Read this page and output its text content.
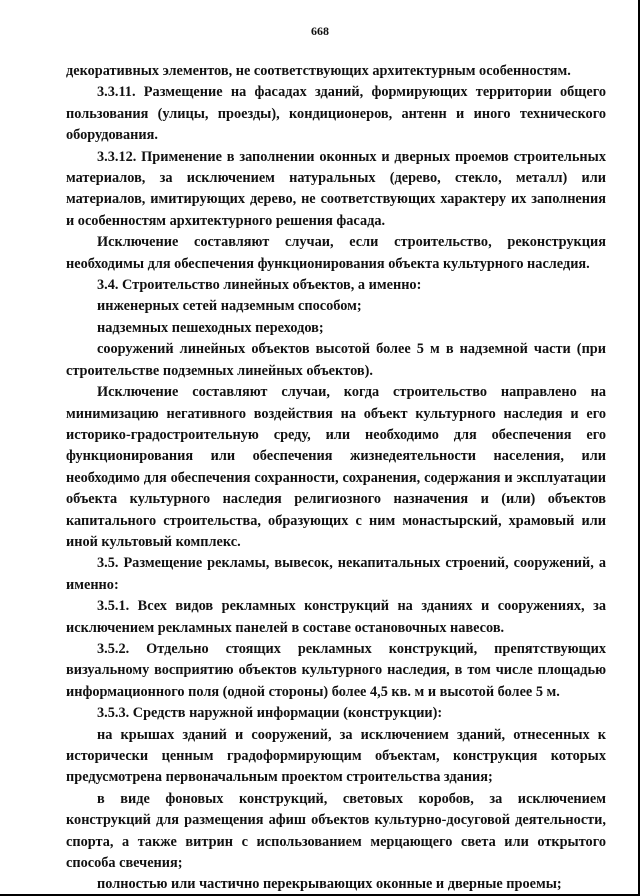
668

декоративных элементов, не соответствующих архитектурным особенностям.

3.3.11. Размещение на фасадах зданий, формирующих территории общего пользования (улицы, проезды), кондиционеров, антенн и иного технического оборудования.

3.3.12. Применение в заполнении оконных и дверных проемов строительных материалов, за исключением натуральных (дерево, стекло, металл) или материалов, имитирующих дерево, не соответствующих характеру их заполнения и особенностям архитектурного решения фасада.

Исключение составляют случаи, если строительство, реконструкция необходимы для обеспечения функционирования объекта культурного наследия.

3.4. Строительство линейных объектов, а именно:

инженерных сетей надземным способом;

надземных пешеходных переходов;

сооружений линейных объектов высотой более 5 м в надземной части (при строительстве подземных линейных объектов).

Исключение составляют случаи, когда строительство направлено на минимизацию негативного воздействия на объект культурного наследия и его историко-градостроительную среду, или необходимо для обеспечения его функционирования или обеспечения жизнедеятельности населения, или необходимо для обеспечения сохранности, сохранения, содержания и эксплуатации объекта культурного наследия религиозного назначения и (или) объектов капитального строительства, образующих с ним монастырский, храмовый или иной культовый комплекс.

3.5. Размещение рекламы, вывесок, некапитальных строений, сооружений, а именно:

3.5.1. Всех видов рекламных конструкций на зданиях и сооружениях, за исключением рекламных панелей в составе остановочных навесов.

3.5.2. Отдельно стоящих рекламных конструкций, препятствующих визуальному восприятию объектов культурного наследия, в том числе площадью информационного поля (одной стороны) более 4,5 кв. м и высотой более 5 м.

3.5.3. Средств наружной информации (конструкции):

на крышах зданий и сооружений, за исключением зданий, отнесенных к исторически ценным градоформирующим объектам, конструкция которых предусмотрена первоначальным проектом строительства здания;

в виде фоновых конструкций, световых коробов, за исключением конструкций для размещения афиш объектов культурно-досуговой деятельности, спорта, а также витрин с использованием мерцающего света или открытого способа свечения;

полностью или частично перекрывающих оконные и дверные проемы;
